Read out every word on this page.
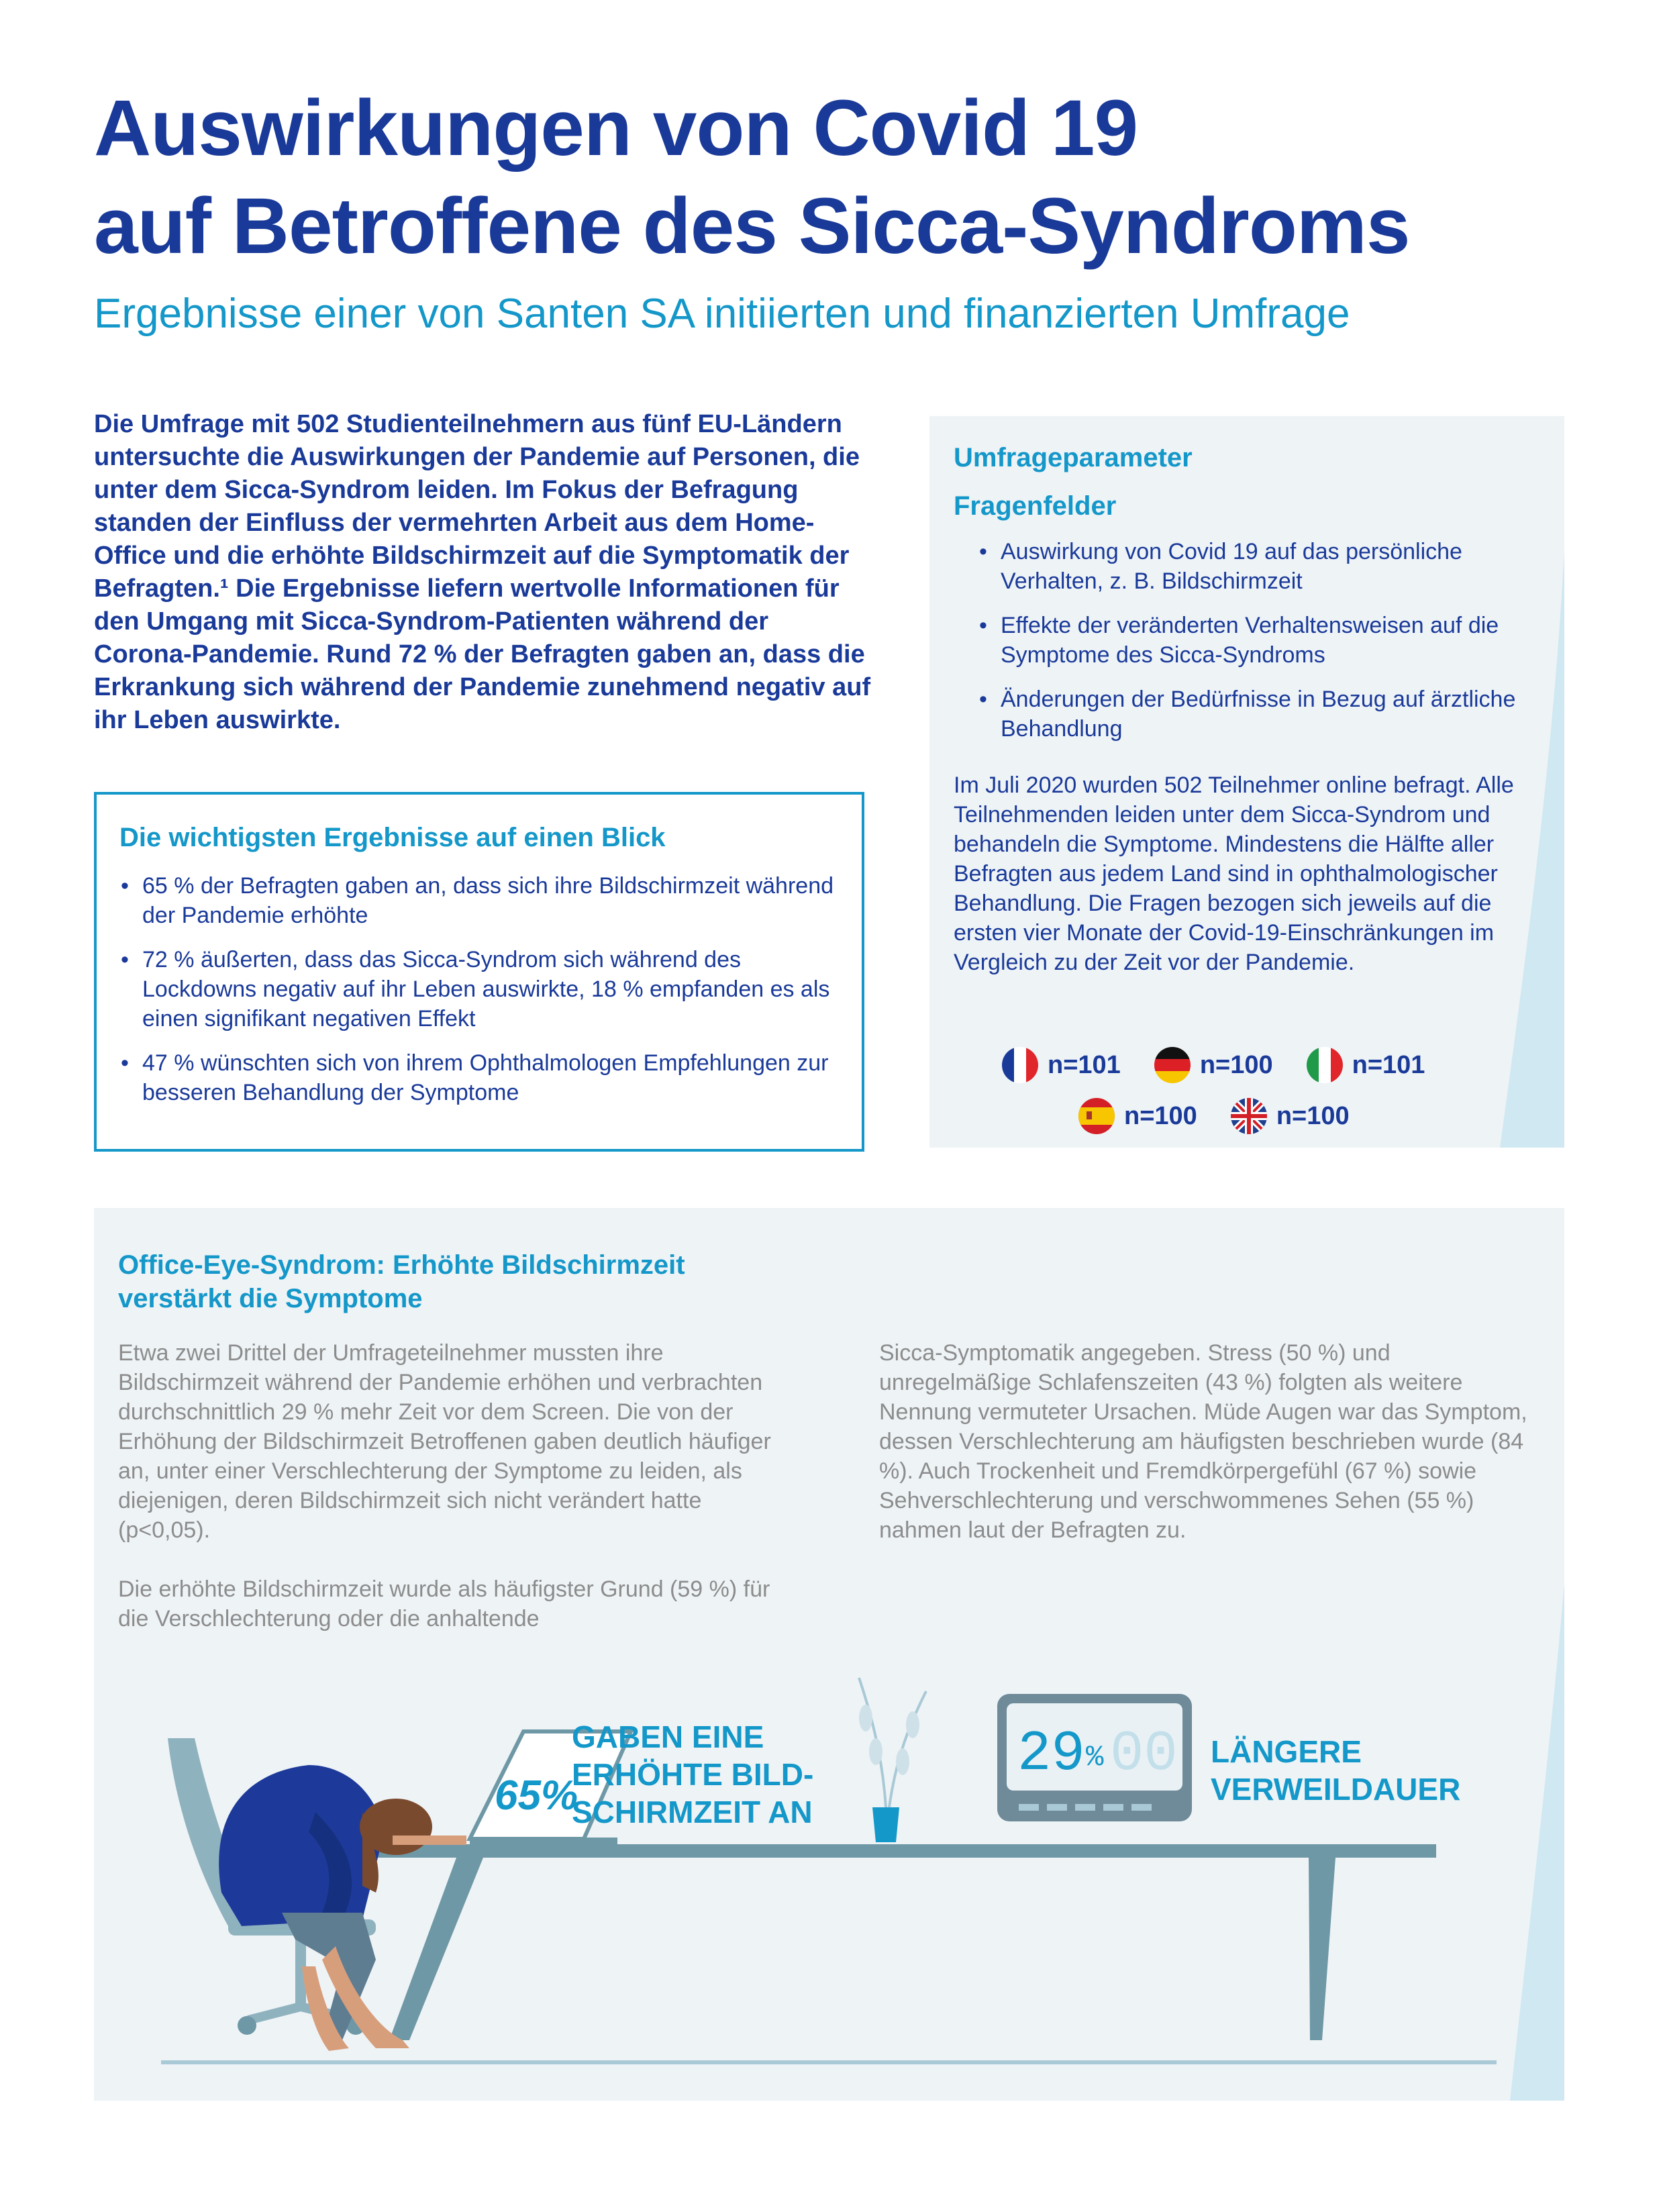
Auswirkungen von Covid 19
auf Betroffene des Sicca-Syndroms
Ergebnisse einer von Santen SA initiierten und finanzierten Umfrage
Die Umfrage mit 502 Studienteilnehmern aus fünf EU-Ländern untersuchte die Auswirkungen der Pandemie auf Personen, die unter dem Sicca-Syndrom leiden. Im Fokus der Befragung standen der Einfluss der vermehrten Arbeit aus dem Home-Office und die erhöhte Bildschirmzeit auf die Symptomatik der Befragten.¹ Die Ergebnisse liefern wertvolle Informationen für den Umgang mit Sicca-Syndrom-Patienten während der Corona-Pandemie. Rund 72 % der Befragten gaben an, dass die Erkrankung sich während der Pandemie zunehmend negativ auf ihr Leben auswirkte.
Die wichtigsten Ergebnisse auf einen Blick
• 65 % der Befragten gaben an, dass sich ihre Bildschirmzeit während der Pandemie erhöhte
• 72 % äußerten, dass das Sicca-Syndrom sich während des Lockdowns negativ auf ihr Leben auswirkte, 18 % empfanden es als einen signifikant negativen Effekt
• 47 % wünschten sich von ihrem Ophthalmologen Empfehlungen zur besseren Behandlung der Symptome
Umfrageparameter
Fragenfelder
• Auswirkung von Covid 19 auf das persönliche Verhalten, z. B. Bildschirmzeit
• Effekte der veränderten Verhaltensweisen auf die Symptome des Sicca-Syndroms
• Änderungen der Bedürfnisse in Bezug auf ärztliche Behandlung
Im Juli 2020 wurden 502 Teilnehmer online befragt. Alle Teilnehmenden leiden unter dem Sicca-Syndrom und behandeln die Symptome. Mindestens die Hälfte aller Befragten aus jedem Land sind in ophthalmologischer Behandlung. Die Fragen bezogen sich jeweils auf die ersten vier Monate der Covid-19-Einschränkungen im Vergleich zu der Zeit vor der Pandemie.
n=101	n=100	n=101
n=100	n=100
Office-Eye-Syndrom: Erhöhte Bildschirmzeit
verstärkt die Symptome

Etwa zwei Drittel der Umfrageteilnehmer mussten ihre Bildschirmzeit während der Pandemie erhöhen und verbrachten durchschnittlich 29 % mehr Zeit vor dem Screen. Die von der Erhöhung der Bildschirmzeit Betroffenen gaben deutlich häufiger an, unter einer Verschlechterung der Symptome zu leiden, als diejenigen, deren Bildschirmzeit sich nicht verändert hatte (p<0,05).

Die erhöhte Bildschirmzeit wurde als häufigster Grund (59 %) für die Verschlechterung oder die anhaltende

Sicca-Symptomatik angegeben. Stress (50 %) und unregelmäßige Schlafenszeiten (43 %) folgten als weitere Nennung vermuteter Ursachen. Müde Augen war das Symptom, dessen Verschlechterung am häufigsten beschrieben wurde (84 %). Auch Trockenheit und Fremdkörpergefühl (67 %) sowie Sehverschlechterung und verschwommenes Sehen (55 %) nahmen laut der Befragten zu.

65%
29 % 00
GABEN EINE
ERHÖHTE BILD-
SCHIRMZEIT AN
LÄNGERE
VERWEILDAUER
